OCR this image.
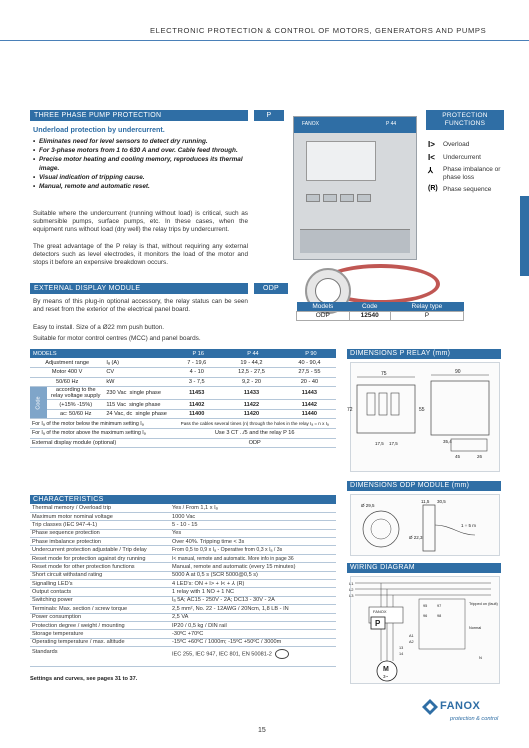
ELECTRONIC PROTECTION & CONTROL OF MOTORS, GENERATORS AND PUMPS
THREE PHASE PUMP PROTECTION	P	PROTECTION
FUNCTIONS
Underload protection by undercurrent.
• Eliminates need for level sensors to detect dry running.
• For 3-phase motors from 1 to 630 A and over. Cable feed through.
• Precise motor heating and cooling memory, reproduces its thermal image.
• Visual indication of tripping cause.
• Manual, remote and automatic reset.
Suitable where the undercurrent (running without load) is critical, such as submersible pumps, surface pumps, etc. In these cases, when the equipment runs without load (dry well) the relay trips by undercurrent.
The great advantage of the P relay is that, without requiring any external detectors such as level electrodes, it monitors the load of the motor and stops it before an expensive breakdown occurs.
FANOX	P 44
I> Overload
I< Undercurrent
⅄ Phase imbalance or phase loss
(R) Phase sequence
EXTERNAL DISPLAY MODULE	ODP
By means of this plug-in optional accessory, the relay status can be seen and reset from the exterior of the electrical panel board.
Easy to install. Size of a Ø22 mm push button.
Suitable for motor control centres (MCC) and panel boards.
Models	Code	Relay type
ODP	12540	P
MODELS			P 16	P 44	P 90
Adjustment range		Iₐ (A)	7 - 19,6	19 - 44,2	40 - 90,4
Motor 400 V		CV	4 - 10	12,5 - 27,5	27,5 - 55
50/60 Hz		kW	3 - 7,5	9,2 - 20	20 - 40
Code	according to the
relay voltage supply	230 Vac single phase	11453	11433	11443
	(+15% -15%)	115 Vac single phase	11402	11422	11442
	ac: 50/60 Hz	24 Vac, dc single phase	11400	11420	11440
For Iₐ of the motor below the minimum setting Iₐ			Pass the cables several times (n) through the holes in the relay Iₐ = n x Iₐ		
For Iₐ of the motor above the maximum setting Iₐ			Use 3 CT ../5 and the relay P 16		
External display module (optional)			ODP		
CHARACTERISTICS
Thermal memory / Overload trip	Yes / From 1,1 x Iₐ
Maximum motor nominal voltage	1000 Vac
Trip classes (IEC 947-4-1)	5 - 10 - 15
Phase sequence protection	Yes
Phase imbalance protection	Over 40%. Tripping time < 3s
Undercurrent protection adjustable / Trip delay	From 0,5 to 0,9 x Iₐ - Operative from 0,3 x Iₐ / 3s
Reset mode for protection against dry running	I< manual, remote and automatic. More info in page 36
Reset mode for other protection functions	Manual, remote and automatic (every 15 minutes)
Short circuit withstand rating	5000 A at 0,5 s (SCR 5000@0,5 s)
Signalling LED's	4 LED's: ON + I> + I< + ⅄ (R)
Output contacts	1 relay with 1 NO + 1 NC
Switching power	Iₐ 5A; AC15 - 250V - 2A; DC13 - 30V - 2A
Terminals: Max. section / screw torque	2,5 mm², No. 22 - 12AWG / 20Ncm, 1,8 LB - IN
Power consumption	2,5 VA
Protection degree / weight / mounting	IP20 / 0,5 kg / DIN rail
Storage temperature	-30ºC +70ºC
Operating temperature / max. altitude	-15ºC +60ºC / 1000m; -15ºC +50ºC / 3000m
Standards	IEC 255, IEC 947, IEC 801, EN 50081-2
DIMENSIONS P RELAY (mm)
75	90
72	55
17,5 17,5	35,4
45	26
DIMENSIONS ODP MODULE (mm)
11,5 30,5
Ø 29,5
1 ÷ 5 m
Ø 22,3
WIRING DIAGRAM
L1
L2
L3
FANOX
P
Tripped on (fault)
Normal
A1
A2
13
14
95
96
97
98
N
M
3~
Settings and curves, see pages 31 to 37.
15
FANOX
protection & control
